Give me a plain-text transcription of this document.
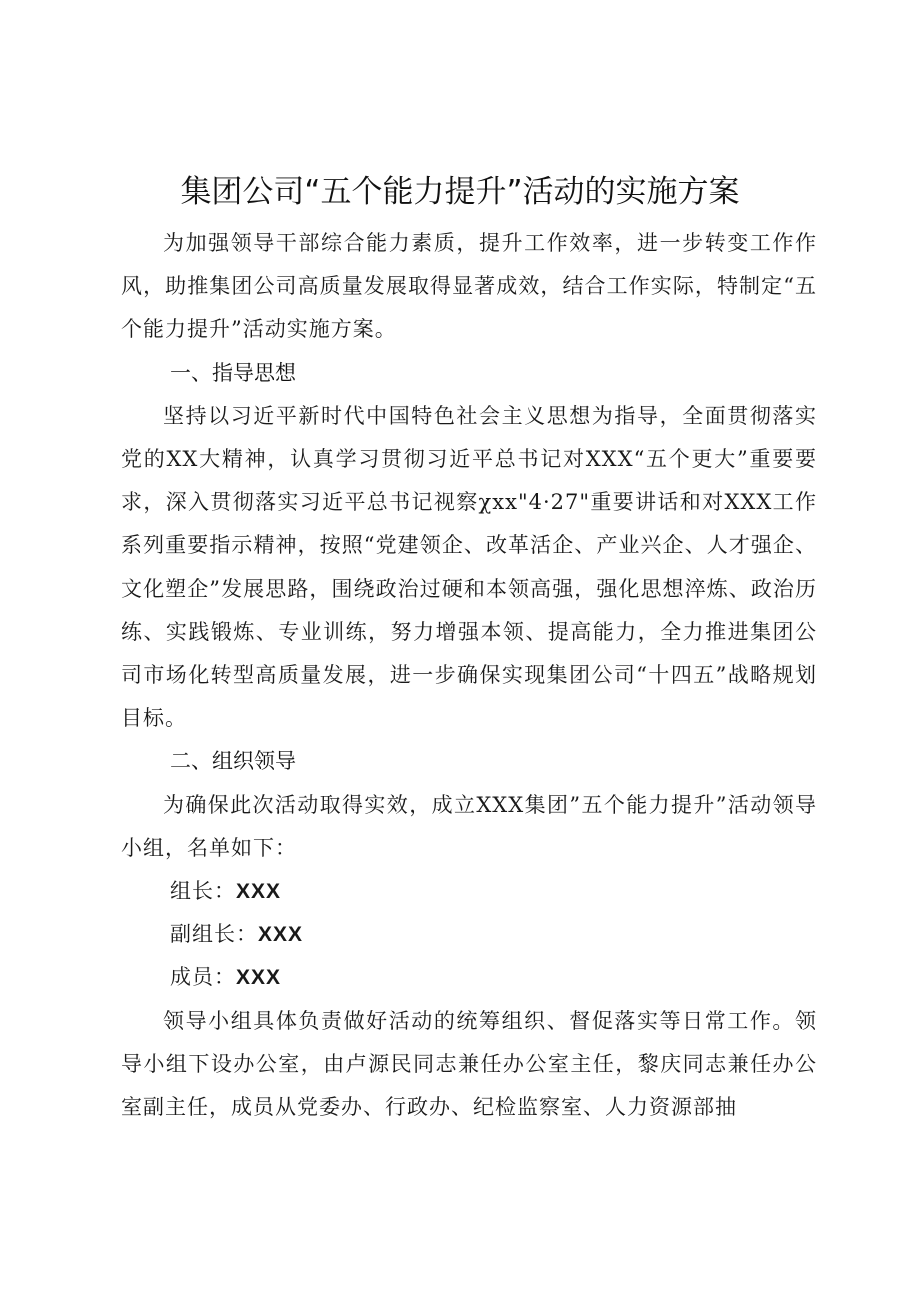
集团公司“五个能力提升”活动的实施方案

为加强领导干部综合能力素质，提升工作效率，进一步转变工作作风，助推集团公司高质量发展取得显著成效，结合工作实际，特制定“五个能力提升”活动实施方案。

一、指导思想

坚持以习近平新时代中国特色社会主义思想为指导，全面贯彻落实党的XX大精神，认真学习贯彻习近平总书记对XXX“五个更大”重要要求，深入贯彻落实习近平总书记视察χxx"4·27"重要讲话和对XXX工作系列重要指示精神，按照“党建领企、改革活企、产业兴企、人才强企、文化塑企”发展思路，围绕政治过硬和本领高强，强化思想淬炼、政治历练、实践锻炼、专业训练，努力增强本领、提高能力，全力推进集团公司市场化转型高质量发展，进一步确保实现集团公司“十四五”战略规划目标。

二、组织领导

为确保此次活动取得实效，成立XXX集团”五个能力提升”活动领导小组，名单如下：

组长：XXX

副组长：XXX

成员：XXX

领导小组具体负责做好活动的统筹组织、督促落实等日常工作。领导小组下设办公室，由卢源民同志兼任办公室主任，黎庆同志兼任办公室副主任，成员从党委办、行政办、纪检监察室、人力资源部抽
